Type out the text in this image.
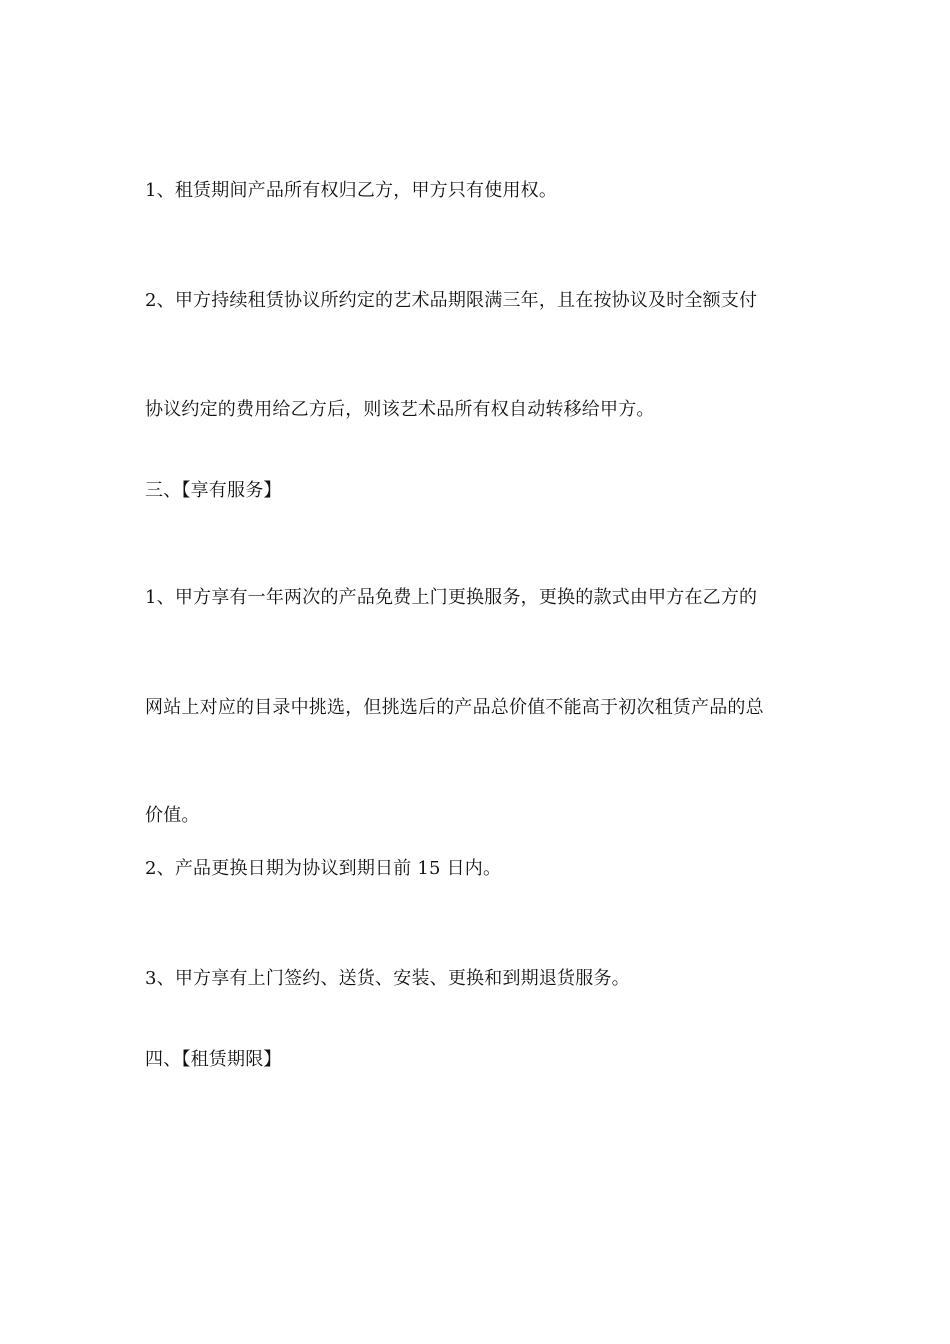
1、租赁期间产品所有权归乙方，甲方只有使用权。
2、甲方持续租赁协议所约定的艺术品期限满三年，且在按协议及时全额支付
协议约定的费用给乙方后，则该艺术品所有权自动转移给甲方。
三、【享有服务】
1、甲方享有一年两次的产品免费上门更换服务，更换的款式由甲方在乙方的
网站上对应的目录中挑选，但挑选后的产品总价值不能高于初次租赁产品的总
价值。
2、产品更换日期为协议到期日前 15 日内。
3、甲方享有上门签约、送货、安装、更换和到期退货服务。
四、【租赁期限】
